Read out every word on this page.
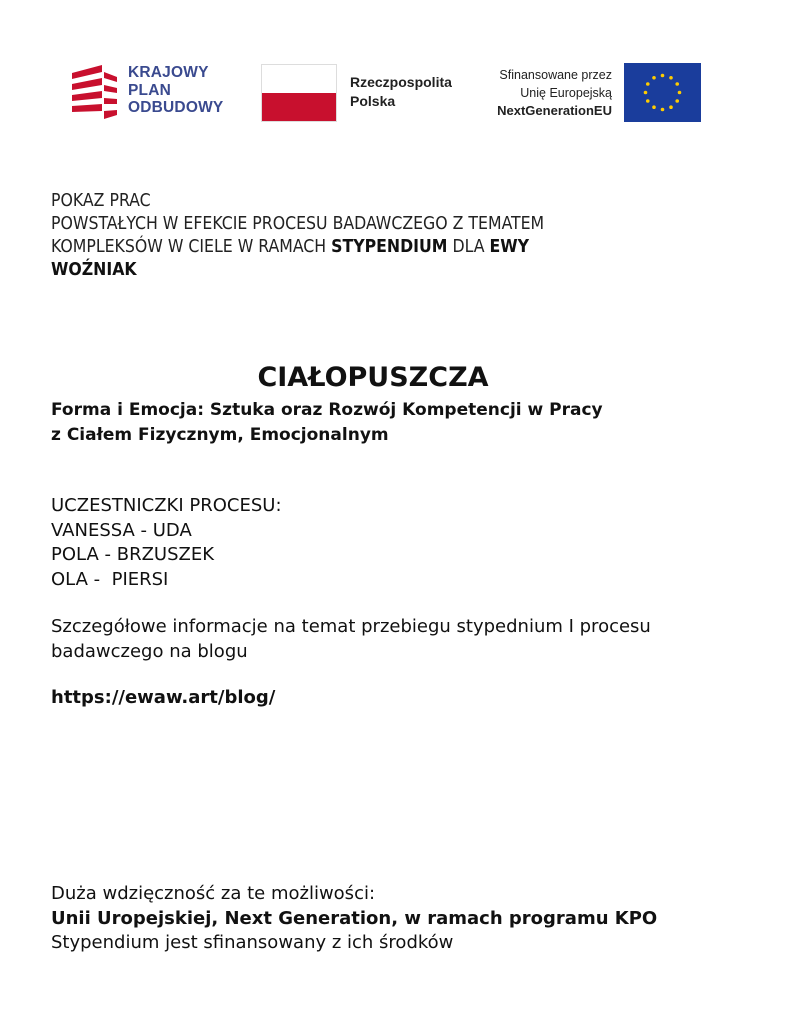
KRAJOWY
PLAN
ODBUDOWY
Rzeczpospolita
Polska
Sfinansowane przez
Unię Europejską
NextGenerationEU
POKAZ PRAC
POWSTAŁYCH W EFEKCIE PROCESU BADAWCZEGO Z TEMATEM
KOMPLEKSÓW W CIELE W RAMACH STYPENDIUM DLA EWY
WOŹNIAK
CIAŁOPUSZCZA
Forma i Emocja: Sztuka oraz Rozwój Kompetencji w Pracy
z Ciałem Fizycznym, Emocjonalnym
UCZESTNICZKI PROCESU:
VANESSA - UDA
POLA - BRZUSZEK
OLA -  PIERSI
Szczegółowe informacje na temat przebiegu stypednium I procesu
badawczego na blogu
https://ewaw.art/blog/
Duża wdzięczność za te możliwości:
Unii Uropejskiej, Next Generation, w ramach programu KPO
Stypendium jest sfinansowany z ich środków
